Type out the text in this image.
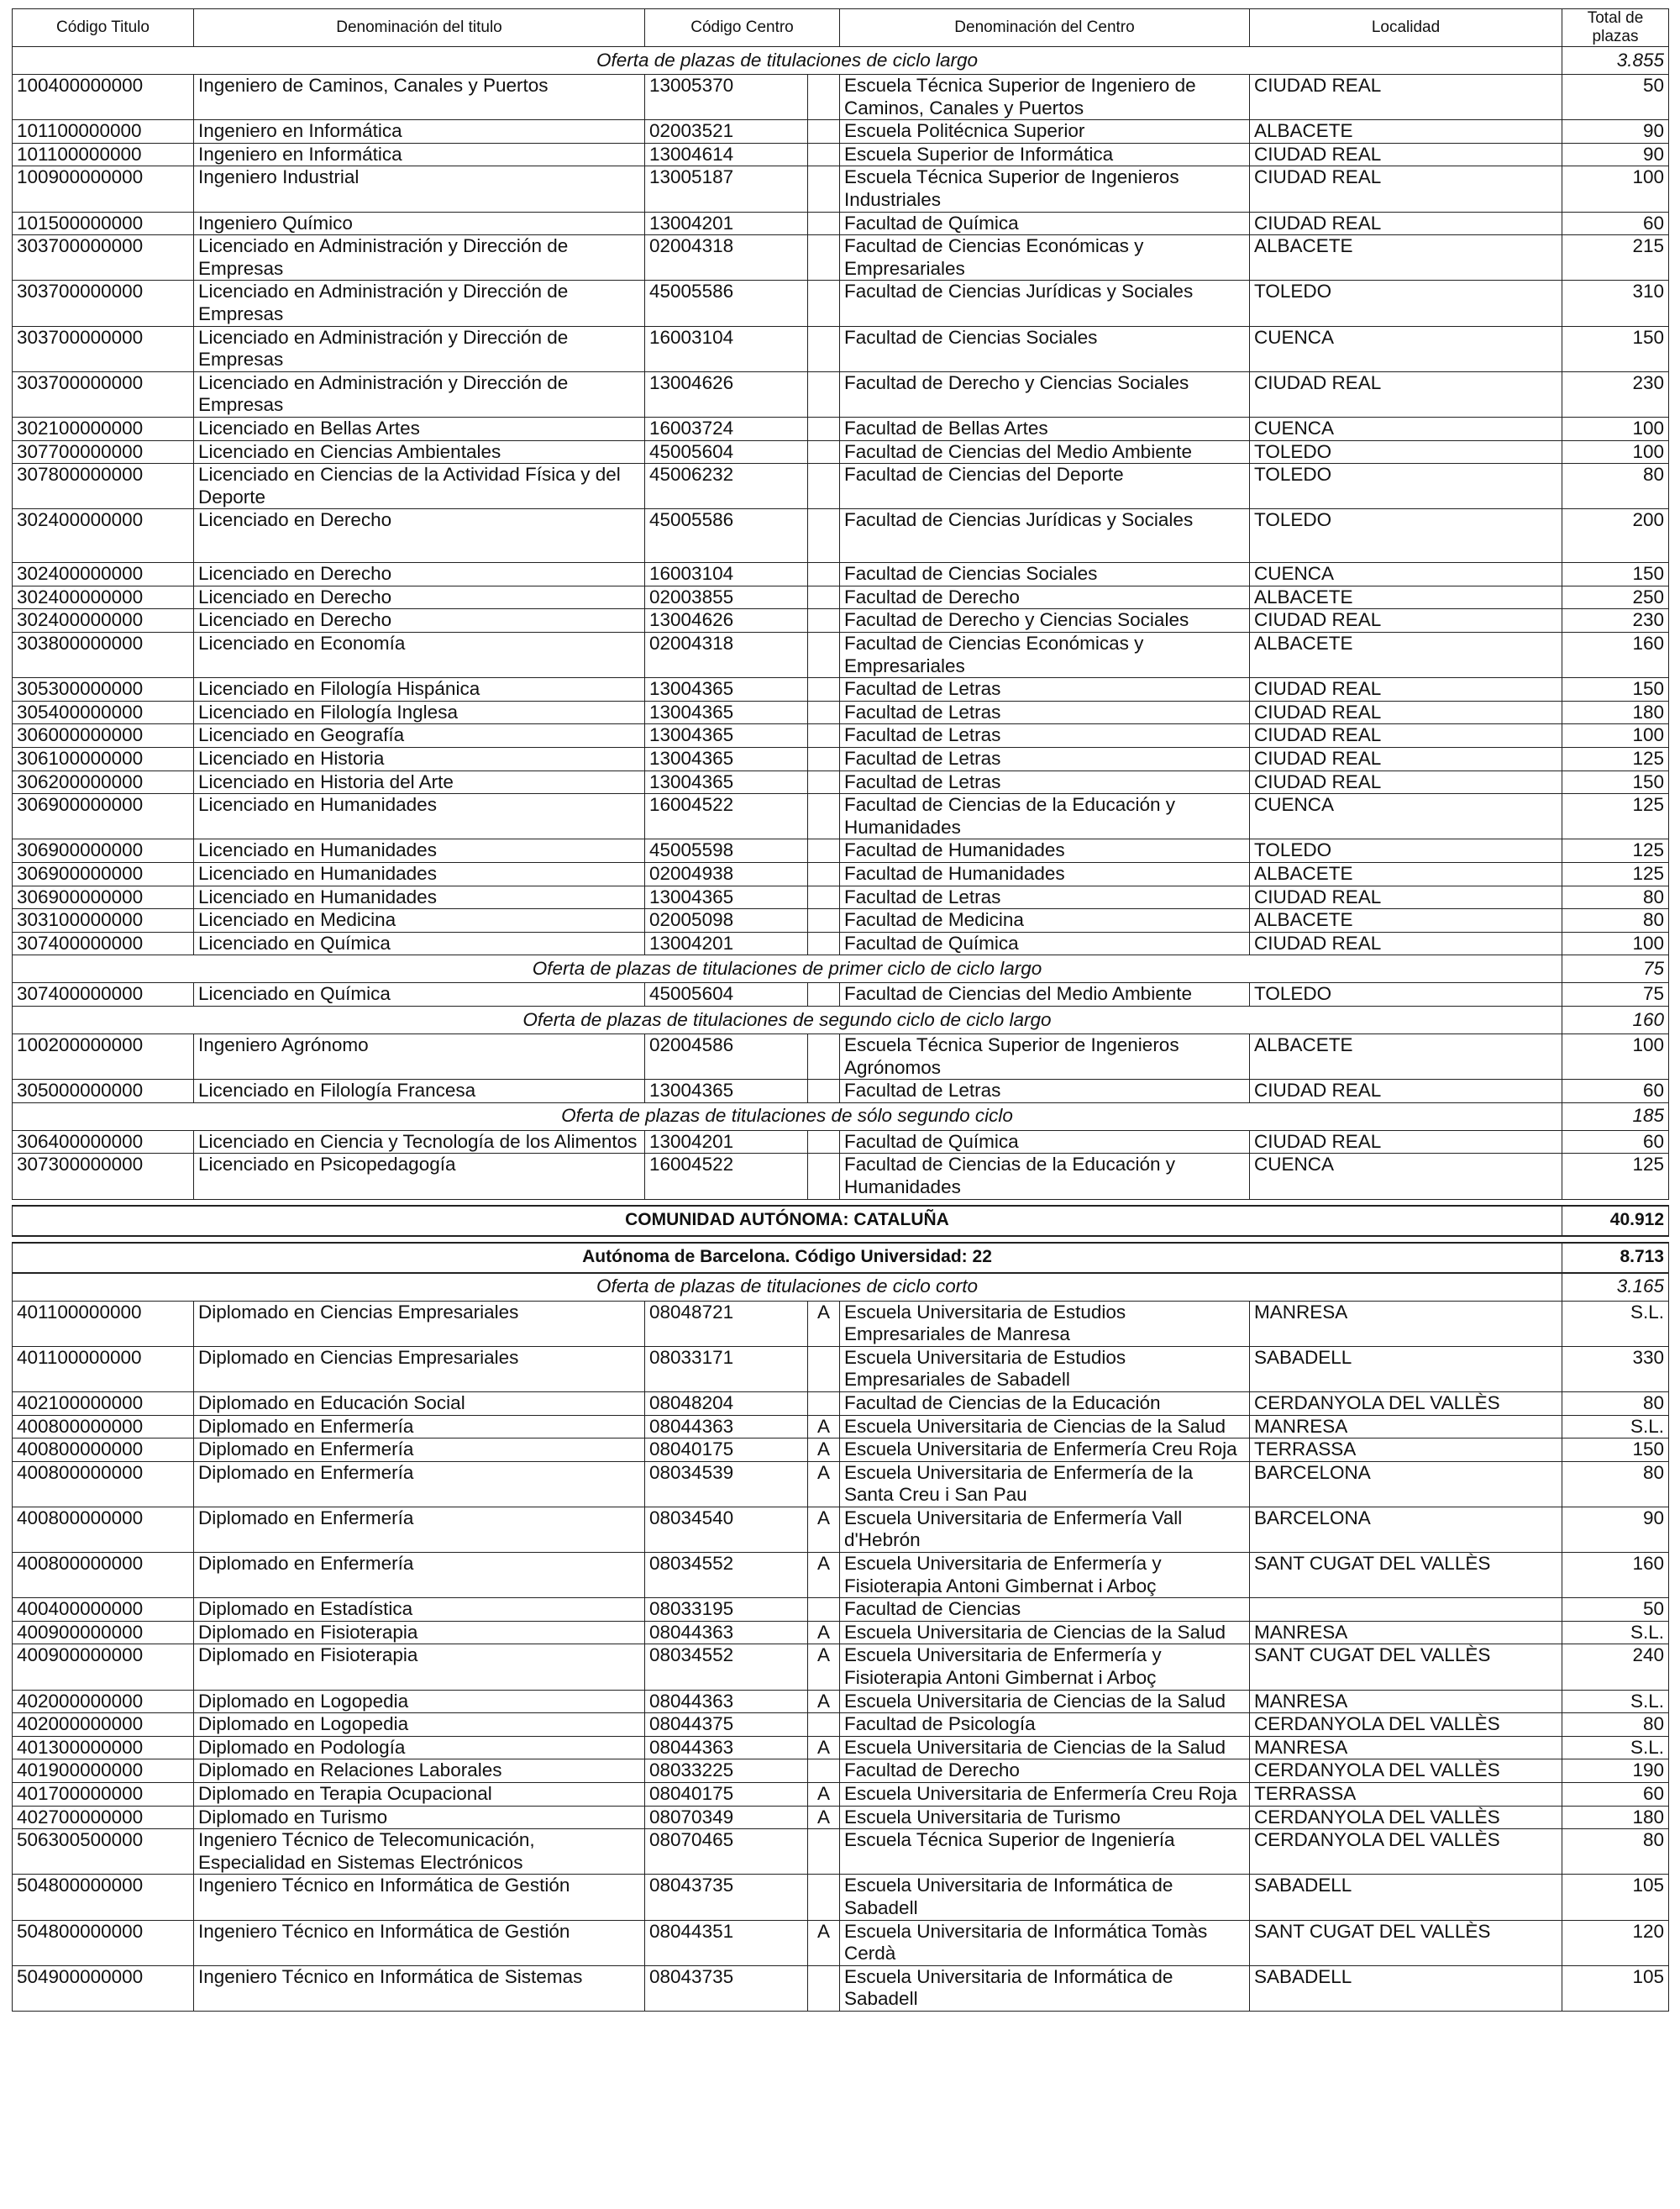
Código Titulo	Denominación del titulo	Código Centro		Denominación del Centro	Localidad	Total de plazas
Oferta de plazas de titulaciones de ciclo largo						3.855
100400000000	Ingeniero de Caminos, Canales y Puertos	13005370		Escuela Técnica Superior de Ingeniero de Caminos, Canales y Puertos	CIUDAD REAL	50
101100000000	Ingeniero en Informática	02003521		Escuela Politécnica Superior	ALBACETE	90
101100000000	Ingeniero en Informática	13004614		Escuela Superior de Informática	CIUDAD REAL	90
100900000000	Ingeniero Industrial	13005187		Escuela Técnica Superior de Ingenieros Industriales	CIUDAD REAL	100
101500000000	Ingeniero Químico	13004201		Facultad de Química	CIUDAD REAL	60
303700000000	Licenciado en Administración y Dirección de Empresas	02004318		Facultad de Ciencias Económicas y Empresariales	ALBACETE	215
303700000000	Licenciado en Administración y Dirección de Empresas	45005586		Facultad de Ciencias Jurídicas y Sociales	TOLEDO	310
303700000000	Licenciado en Administración y Dirección de Empresas	16003104		Facultad de Ciencias Sociales	CUENCA	150
303700000000	Licenciado en Administración y Dirección de Empresas	13004626		Facultad de Derecho y Ciencias Sociales	CIUDAD REAL	230
302100000000	Licenciado en Bellas Artes	16003724		Facultad de Bellas Artes	CUENCA	100
307700000000	Licenciado en Ciencias Ambientales	45005604		Facultad de Ciencias del Medio Ambiente	TOLEDO	100
307800000000	Licenciado en Ciencias de la Actividad Física y del Deporte	45006232		Facultad de Ciencias del Deporte	TOLEDO	80
302400000000	Licenciado en Derecho	45005586		Facultad de Ciencias Jurídicas y Sociales	TOLEDO	200
302400000000	Licenciado en Derecho	16003104		Facultad de Ciencias Sociales	CUENCA	150
302400000000	Licenciado en Derecho	02003855		Facultad de Derecho	ALBACETE	250
302400000000	Licenciado en Derecho	13004626		Facultad de Derecho y Ciencias Sociales	CIUDAD REAL	230
303800000000	Licenciado en Economía	02004318		Facultad de Ciencias Económicas y Empresariales	ALBACETE	160
305300000000	Licenciado en Filología Hispánica	13004365		Facultad de Letras	CIUDAD REAL	150
305400000000	Licenciado en Filología Inglesa	13004365		Facultad de Letras	CIUDAD REAL	180
306000000000	Licenciado en Geografía	13004365		Facultad de Letras	CIUDAD REAL	100
306100000000	Licenciado en Historia	13004365		Facultad de Letras	CIUDAD REAL	125
306200000000	Licenciado en Historia del Arte	13004365		Facultad de Letras	CIUDAD REAL	150
306900000000	Licenciado en Humanidades	16004522		Facultad de Ciencias de la Educación y Humanidades	CUENCA	125
306900000000	Licenciado en Humanidades	45005598		Facultad de Humanidades	TOLEDO	125
306900000000	Licenciado en Humanidades	02004938		Facultad de Humanidades	ALBACETE	125
306900000000	Licenciado en Humanidades	13004365		Facultad de Letras	CIUDAD REAL	80
303100000000	Licenciado en Medicina	02005098		Facultad de Medicina	ALBACETE	80
307400000000	Licenciado en Química	13004201		Facultad de Química	CIUDAD REAL	100
Oferta de plazas de titulaciones de primer ciclo de ciclo largo						75
307400000000	Licenciado en Química	45005604		Facultad de Ciencias del Medio Ambiente	TOLEDO	75
Oferta de plazas de titulaciones de segundo ciclo de ciclo largo						160
100200000000	Ingeniero Agrónomo	02004586		Escuela Técnica Superior de Ingenieros Agrónomos	ALBACETE	100
305000000000	Licenciado en Filología Francesa	13004365		Facultad de Letras	CIUDAD REAL	60
Oferta de plazas de titulaciones de sólo segundo ciclo						185
306400000000	Licenciado en Ciencia y Tecnología de los Alimentos	13004201		Facultad de Química	CIUDAD REAL	60
307300000000	Licenciado en Psicopedagogía	16004522		Facultad de Ciencias de la Educación y Humanidades	CUENCA	125

COMUNIDAD AUTÓNOMA: CATALUÑA						40.912

Autónoma de Barcelona. Código Universidad: 22						8.713
Oferta de plazas de titulaciones de ciclo corto						3.165
401100000000	Diplomado en Ciencias Empresariales	08048721	A	Escuela Universitaria de Estudios Empresariales de Manresa	MANRESA	S.L.
401100000000	Diplomado en Ciencias Empresariales	08033171		Escuela Universitaria de Estudios Empresariales de Sabadell	SABADELL	330
402100000000	Diplomado en Educación Social	08048204		Facultad de Ciencias de la Educación	CERDANYOLA DEL VALLÈS	80
400800000000	Diplomado en Enfermería	08044363	A	Escuela Universitaria de Ciencias de la Salud	MANRESA	S.L.
400800000000	Diplomado en Enfermería	08040175	A	Escuela Universitaria de Enfermería Creu Roja	TERRASSA	150
400800000000	Diplomado en Enfermería	08034539	A	Escuela Universitaria de Enfermería de la Santa Creu i San Pau	BARCELONA	80
400800000000	Diplomado en Enfermería	08034540	A	Escuela Universitaria de Enfermería Vall d'Hebrón	BARCELONA	90
400800000000	Diplomado en Enfermería	08034552	A	Escuela Universitaria de Enfermería y Fisioterapia Antoni Gimbernat i Arboç	SANT CUGAT DEL VALLÈS	160
400400000000	Diplomado en Estadística	08033195		Facultad de Ciencias		50
400900000000	Diplomado en Fisioterapia	08044363	A	Escuela Universitaria de Ciencias de la Salud	MANRESA	S.L.
400900000000	Diplomado en Fisioterapia	08034552	A	Escuela Universitaria de Enfermería y Fisioterapia Antoni Gimbernat i Arboç	SANT CUGAT DEL VALLÈS	240
402000000000	Diplomado en Logopedia	08044363	A	Escuela Universitaria de Ciencias de la Salud	MANRESA	S.L.
402000000000	Diplomado en Logopedia	08044375		Facultad de Psicología	CERDANYOLA DEL VALLÈS	80
401300000000	Diplomado en Podología	08044363	A	Escuela Universitaria de Ciencias de la Salud	MANRESA	S.L.
401900000000	Diplomado en Relaciones Laborales	08033225		Facultad de Derecho	CERDANYOLA DEL VALLÈS	190
401700000000	Diplomado en Terapia Ocupacional	08040175	A	Escuela Universitaria de Enfermería Creu Roja	TERRASSA	60
402700000000	Diplomado en Turismo	08070349	A	Escuela Universitaria de Turismo	CERDANYOLA DEL VALLÈS	180
506300500000	Ingeniero Técnico de Telecomunicación, Especialidad en Sistemas Electrónicos	08070465		Escuela Técnica Superior de Ingeniería	CERDANYOLA DEL VALLÈS	80
504800000000	Ingeniero Técnico en Informática de Gestión	08043735		Escuela Universitaria de Informática de Sabadell	SABADELL	105
504800000000	Ingeniero Técnico en Informática de Gestión	08044351	A	Escuela Universitaria de Informática Tomàs Cerdà	SANT CUGAT DEL VALLÈS	120
504900000000	Ingeniero Técnico en Informática de Sistemas	08043735		Escuela Universitaria de Informática de Sabadell	SABADELL	105
